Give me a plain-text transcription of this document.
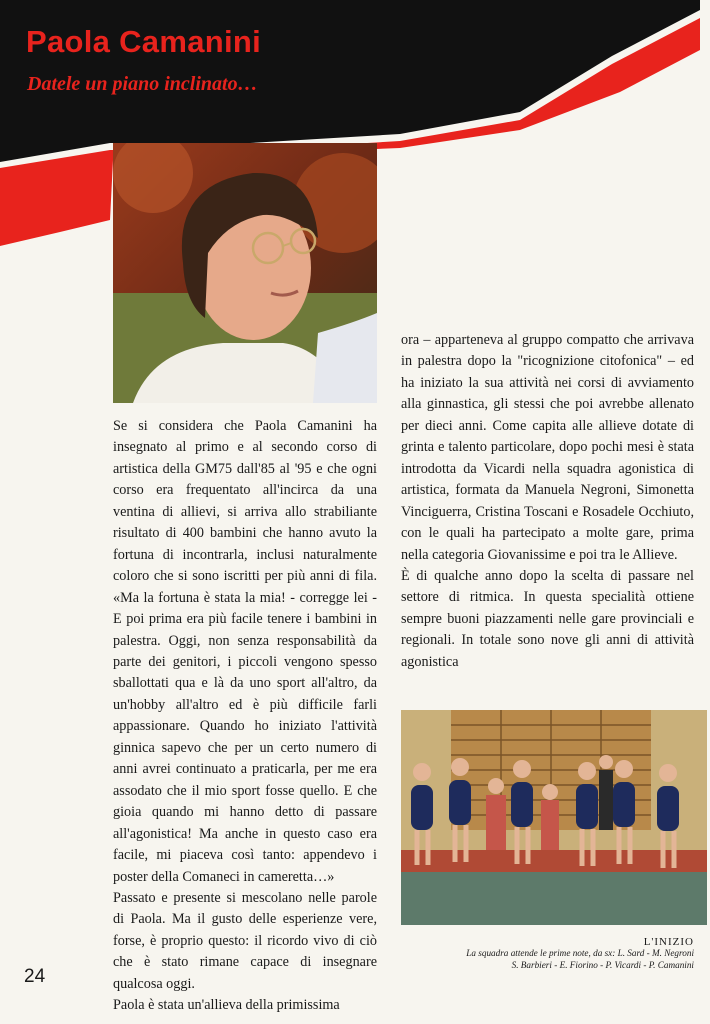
Paola Camanini
Datele un piano inclinato…

Se si considera che Paola Camanini ha insegnato al primo e al secondo corso di artistica della GM75 dall'85 al '95 e che ogni corso era frequentato all'incirca da una ventina di allievi, si arriva allo strabiliante risultato di 400 bambini che hanno avuto la fortuna di incontrarla, inclusi naturalmente coloro che si sono iscritti per più anni di fila. «Ma la fortuna è stata la mia! - corregge lei - E poi prima era più facile tenere i bambini in palestra. Oggi, non senza responsabilità da parte dei genitori, i piccoli vengono spesso sballottati qua e là da uno sport all'altro, da un'hobby all'altro ed è più difficile farli appassionare. Quando ho iniziato l'attività ginnica sapevo che per un certo numero di anni avrei continuato a praticarla, per me era assodato che il mio sport fosse quello. E che gioia quando mi hanno detto di passare all'agonistica! Ma anche in questo caso era facile, mi piaceva così tanto: appendevo i poster della Comaneci in cameretta…»

Passato e presente si mescolano nelle parole di Paola. Ma il gusto delle esperienze vere, forse, è proprio questo: il ricordo vivo di ciò che è stato rimane capace di insegnare qualcosa oggi.

Paola è stata un'allieva della primissima

ora – apparteneva al gruppo compatto che arrivava in palestra dopo la "ricognizione citofonica" – ed ha iniziato la sua attività nei corsi di avviamento alla ginnastica, gli stessi che poi avrebbe allenato per dieci anni. Come capita alle allieve dotate di grinta e talento particolare, dopo pochi mesi è stata introdotta da Vicardi nella squadra agonistica di artistica, formata da Manuela Negroni, Simonetta Vinciguerra, Cristina Toscani e Rosadele Occhiuto, con le quali ha partecipato a molte gare, prima nella categoria Giovanissime e poi tra le Allieve.

È di qualche anno dopo la scelta di passare nel settore di ritmica. In questa specialità ottiene sempre buoni piazzamenti nelle gare provinciali e regionali. In totale sono nove gli anni di attività agonistica

L'INIZIO

La squadra attende le prime note, da sx: L. Sard - M. Negroni
S. Barbieri - E. Fiorino - P. Vicardi - P. Camanini

24
